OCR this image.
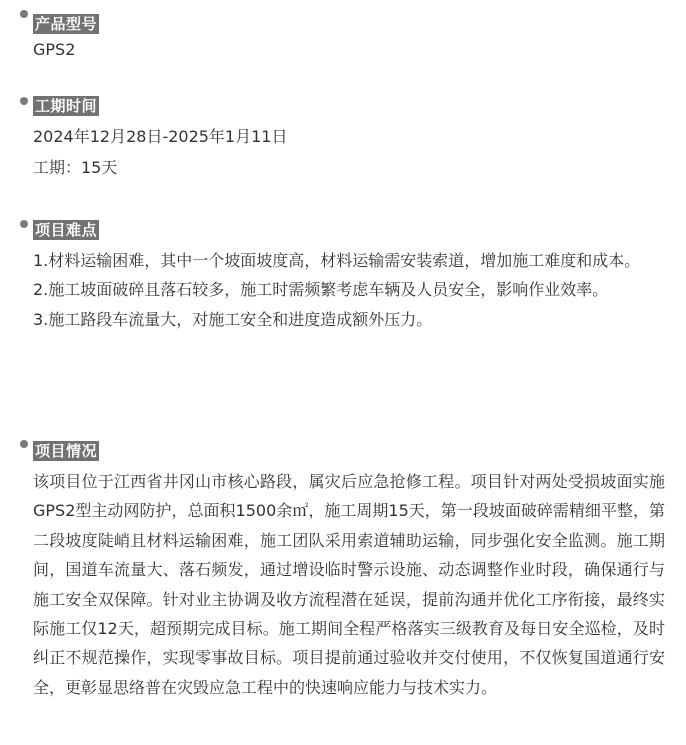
产品型号
GPS2
工期时间
2024年12月28日-2025年1月11日
工期：15天
项目难点
1.材料运输困难，其中一个坡面坡度高，材料运输需安装索道，增加施工难度和成本。
2.施工坡面破碎且落石较多，施工时需频繁考虑车辆及人员安全，影响作业效率。
3.施工路段车流量大，对施工安全和进度造成额外压力。
项目情况
该项目位于江西省井冈山市核心路段，属灾后应急抢修工程。项目针对两处受损坡面实施GPS2型主动网防护，总面积1500余㎡，施工周期15天，第一段坡面破碎需精细平整，第二段坡度陡峭且材料运输困难，施工团队采用索道辅助运输，同步强化安全监测。施工期间，国道车流量大、落石频发，通过增设临时警示设施、动态调整作业时段，确保通行与施工安全双保障。针对业主协调及收方流程潜在延误，提前沟通并优化工序衔接，最终实际施工仅12天，超预期完成目标。施工期间全程严格落实三级教育及每日安全巡检，及时纠正不规范操作，实现零事故目标。项目提前通过验收并交付使用，不仅恢复国道通行安全，更彰显思络普在灾毁应急工程中的快速响应能力与技术实力。
